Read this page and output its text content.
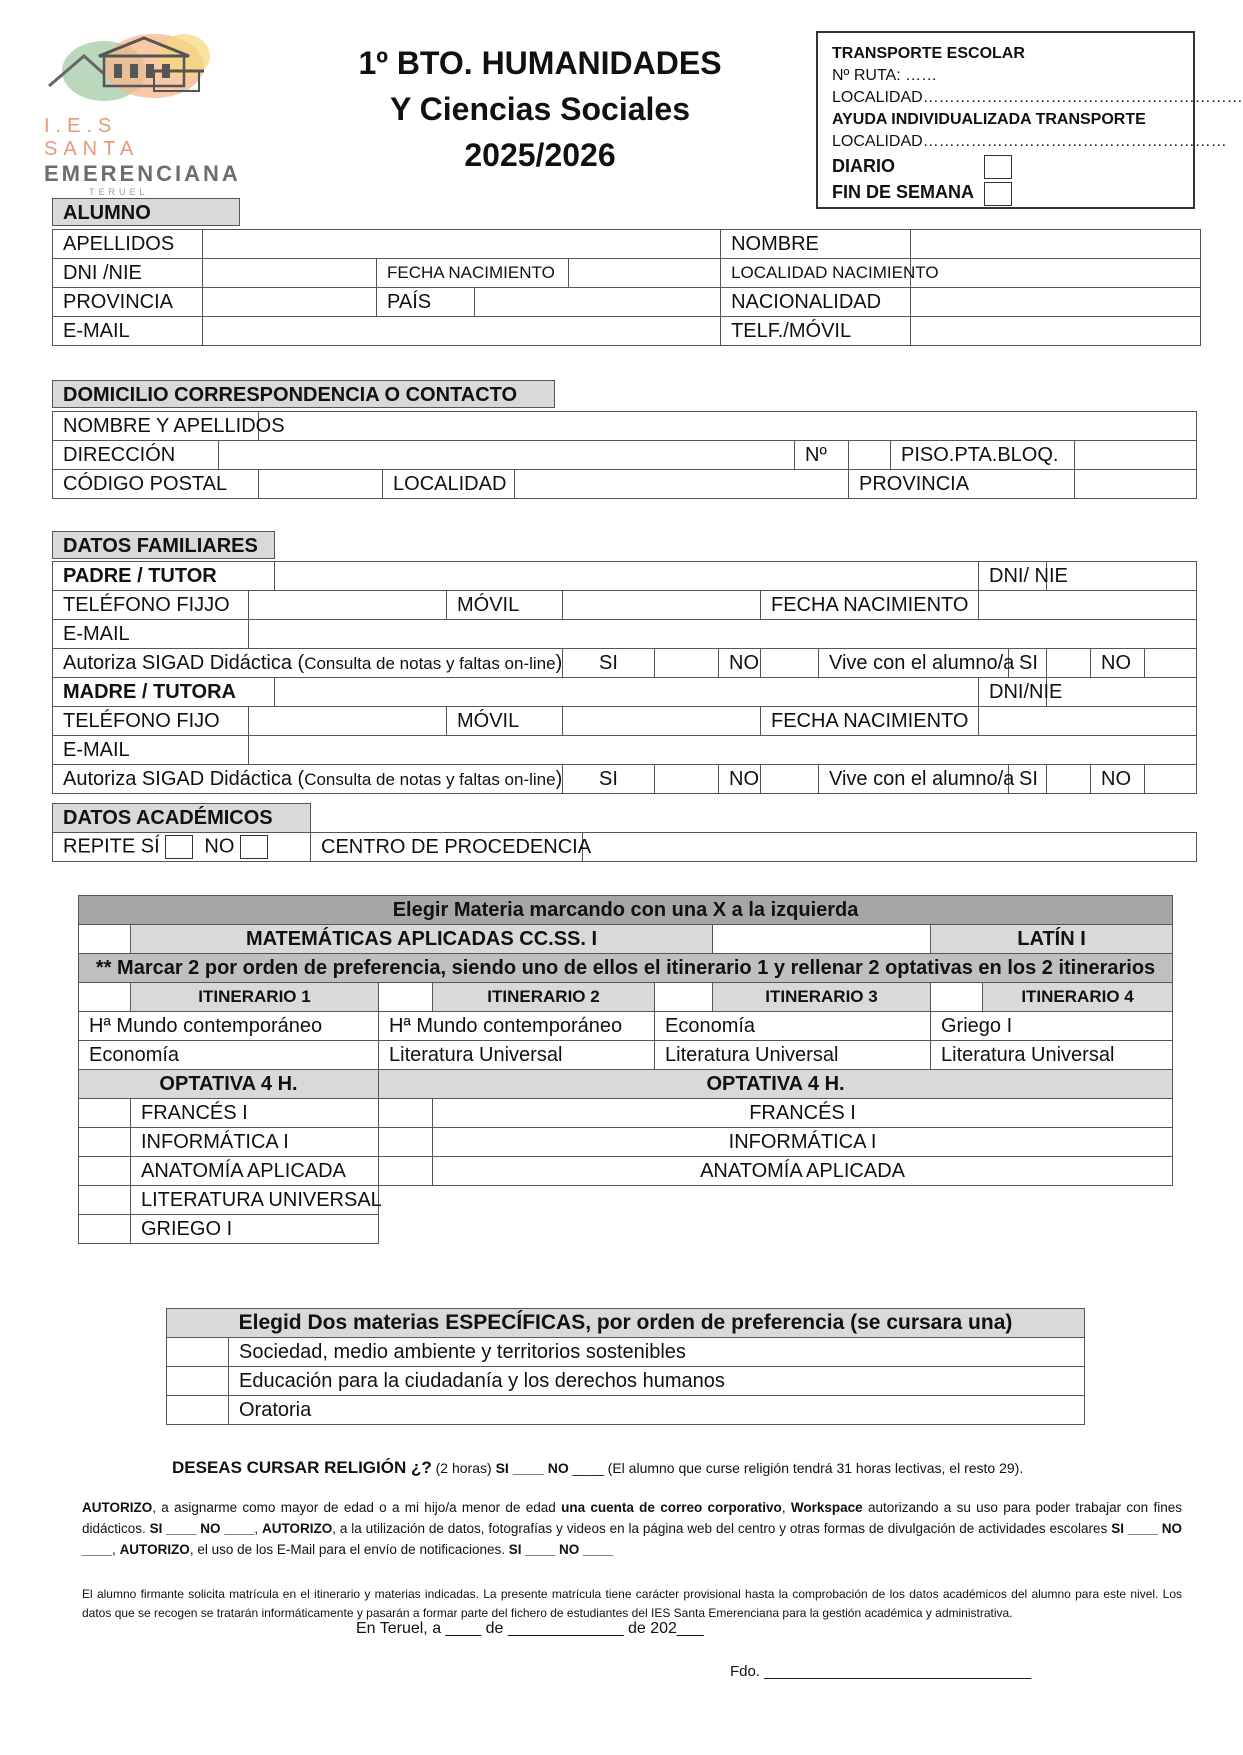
I.E.S SANTA
EMERENCIANA
TERUEL
1º BTO. HUMANIDADES
Y Ciencias Sociales
2025/2026
TRANSPORTE ESCOLAR
Nº RUTA: ……
LOCALIDAD……………………………………………………
AYUDA INDIVIDUALIZADA TRANSPORTE
LOCALIDAD…………………………………………………
DIARIO
FIN DE SEMANA
ALUMNO
APELLIDOS					NOMBRE	
DNI /NIE		FECHA NACIMIENTO			LOCALIDAD NACIMIENTO	
PROVINCIA		PAÍS			NACIONALIDAD	
E-MAIL					TELF./MÓVIL	
DOMICILIO CORRESPONDENCIA O CONTACTO
NOMBRE Y APELLIDOS									
DIRECCIÓN					Nº		PISO.PTA.BLOQ.		
CÓDIGO POSTAL			LOCALIDAD			PROVINCIA			
DATOS FAMILIARES
PADRE / TUTOR									DNI/ NIE				
TELÉFONO FIJJO			MÓVIL				FECHA NACIMIENTO						
E-MAIL													
Autoriza SIGAD Didáctica (Consulta de notas y faltas on-line)				SI		NO		Vive con el alumno/a		SI		NO	
MADRE / TUTORA									DNI/NIE				
TELÉFONO FIJO			MÓVIL				FECHA NACIMIENTO						
E-MAIL													
Autoriza SIGAD Didáctica (Consulta de notas y faltas on-line)				SI		NO		Vive con el alumno/a		SI		NO	
DATOS ACADÉMICOS		
REPITE SÍ NO	CENTRO DE PROCEDENCIA	
Elegir Materia marcando con una X a la izquierda							
	MATEMÁTICAS APLICADAS CC.SS. I					LATÍN I	
** Marcar 2 por orden de preferencia, siendo uno de ellos el itinerario 1 y rellenar 2 optativas en los 2 itinerarios							
	ITINERARIO 1		ITINERARIO 2		ITINERARIO 3		ITINERARIO 4
Hª Mundo contemporáneo		Hª Mundo contemporáneo		Economía		Griego I	
Economía		Literatura Universal		Literatura Universal		Literatura Universal	
OPTATIVA 4 H.		OPTATIVA 4 H.					
	FRANCÉS I		FRANCÉS I				
	INFORMÁTICA I		INFORMÁTICA I				
	ANATOMÍA APLICADA		ANATOMÍA APLICADA				
	LITERATURA UNIVERSAL						
	GRIEGO I						
Elegid Dos materias ESPECÍFICAS, por orden de preferencia (se cursara una)	
	Sociedad, medio ambiente y territorios sostenibles
	Educación para la ciudadanía y los derechos humanos
	Oratoria
DESEAS CURSAR RELIGIÓN ¿? (2 horas) SI ____ NO ____ (El alumno que curse religión tendrá 31 horas lectivas, el resto 29).
AUTORIZO, a asignarme como mayor de edad o a mi hijo/a menor de edad una cuenta de correo corporativo, Workspace autorizando a su uso para poder trabajar con fines didácticos. SI ____ NO ____, AUTORIZO, a la utilización de datos, fotografías y videos en la página web del centro y otras formas de divulgación de actividades escolares SI ____ NO ____, AUTORIZO, el uso de los E-Mail para el envío de notificaciones. SI ____ NO ____
El alumno firmante solicita matrícula en el itinerario y materias indicadas. La presente matrícula tiene carácter provisional hasta la comprobación de los datos académicos del alumno para este nivel. Los datos que se recogen se tratarán informáticamente y pasarán a formar parte del fichero de estudiantes del IES Santa Emerenciana para la gestión académica y administrativa.
En Teruel, a ____ de _____________ de 202___
Fdo. ________________________________
